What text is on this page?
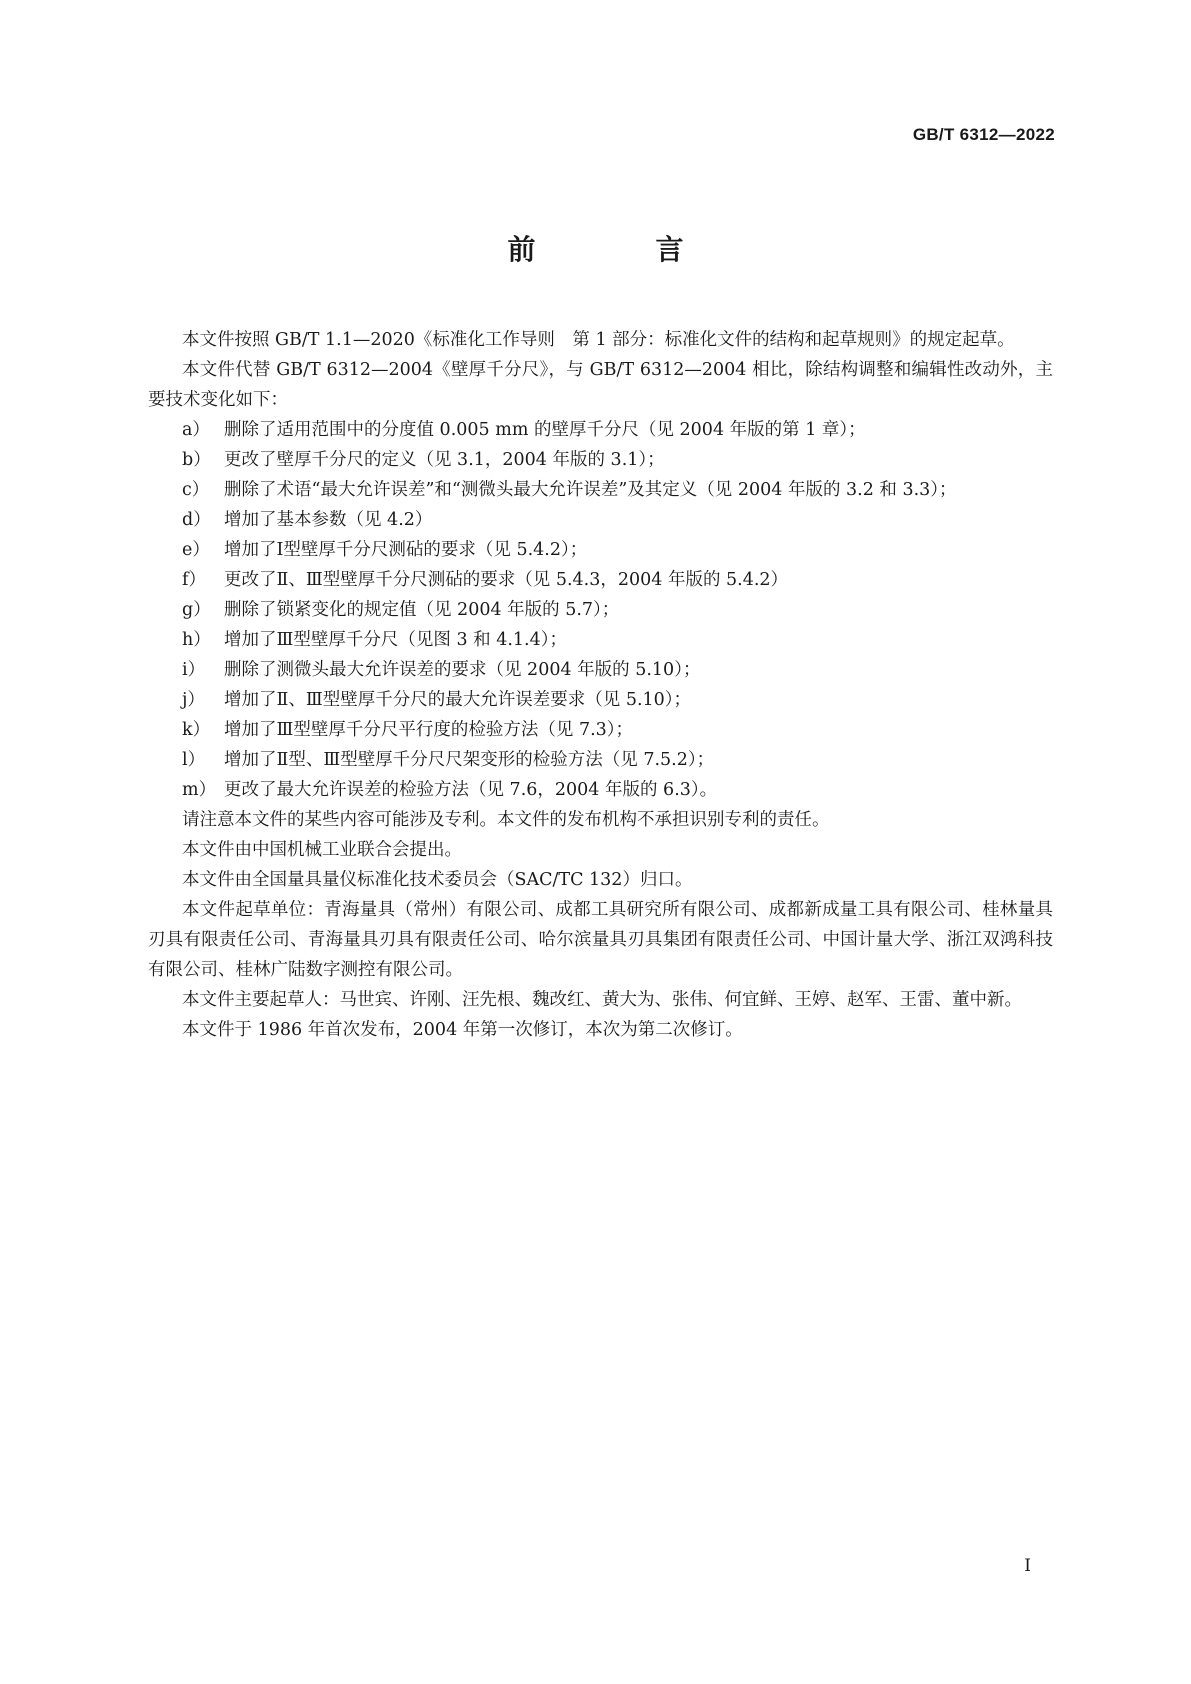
GB/T 6312—2022
前　言

本文件按照 GB/T 1.1—2020《标准化工作导则　第 1 部分：标准化文件的结构和起草规则》的规定起草。

本文件代替 GB/T 6312—2004《壁厚千分尺》，与 GB/T 6312—2004 相比，除结构调整和编辑性改动外，主要技术变化如下：

a） 删除了适用范围中的分度值 0.005 mm 的壁厚千分尺（见 2004 年版的第 1 章）；
b） 更改了壁厚千分尺的定义（见 3.1，2004 年版的 3.1）；
c） 删除了术语“最大允许误差”和“测微头最大允许误差”及其定义（见 2004 年版的 3.2 和 3.3）；
d） 增加了基本参数（见 4.2）
e） 增加了Ⅰ型壁厚千分尺测砧的要求（见 5.4.2）；
f）	更改了Ⅱ、Ⅲ型壁厚千分尺测砧的要求（见 5.4.3，2004 年版的 5.4.2）
g） 删除了锁紧变化的规定值（见 2004 年版的 5.7）；
h） 增加了Ⅲ型壁厚千分尺（见图 3 和 4.1.4）；
i）	删除了测微头最大允许误差的要求（见 2004 年版的 5.10）；
j）	增加了Ⅱ、Ⅲ型壁厚千分尺的最大允许误差要求（见 5.10）；
k） 增加了Ⅲ型壁厚千分尺平行度的检验方法（见 7.3）；
l）	增加了Ⅱ型、Ⅲ型壁厚千分尺尺架变形的检验方法（见 7.5.2）；
m） 更改了最大允许误差的检验方法（见 7.6，2004 年版的 6.3）。

请注意本文件的某些内容可能涉及专利。本文件的发布机构不承担识别专利的责任。

本文件由中国机械工业联合会提出。

本文件由全国量具量仪标准化技术委员会（SAC/TC 132）归口。

本文件起草单位：青海量具（常州）有限公司、成都工具研究所有限公司、成都新成量工具有限公司、桂林量具刃具有限责任公司、青海量具刃具有限责任公司、哈尔滨量具刃具集团有限责任公司、中国计量大学、浙江双鸿科技有限公司、桂林广陆数字测控有限公司。

本文件主要起草人：马世宾、许刚、汪先根、魏改红、黄大为、张伟、何宜鲜、王婷、赵军、王雷、董中新。

本文件于 1986 年首次发布，2004 年第一次修订，本次为第二次修订。

I
